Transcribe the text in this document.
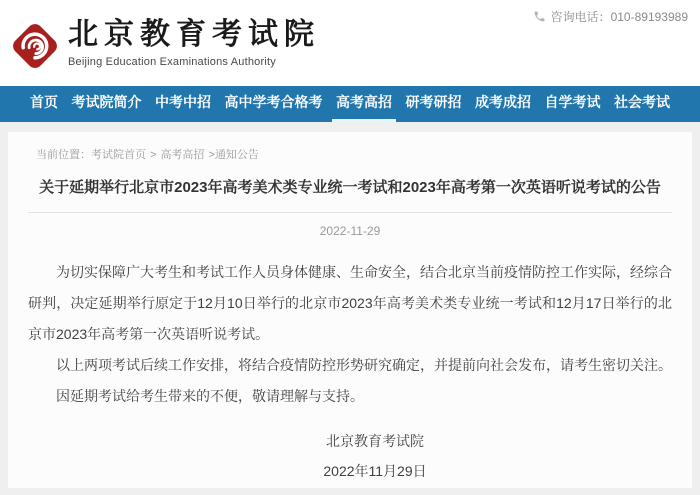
北京教育考试院
Beijing Education Examinations Authority
咨询电话：010-89193989
首页 考试院简介 中考中招 高中学考合格考 高考高招 研考研招 成考成招 自学考试 社会考试
当前位置：考试院首页 > 高考高招 >通知公告
关于延期举行北京市2023年高考美术类专业统一考试和2023年高考第一次英语听说考试的公告
2022-11-29

为切实保障广大考生和考试工作人员身体健康、生命安全，结合北京当前疫情防控工作实际，经综合研判，决定延期举行原定于12月10日举行的北京市2023年高考美术类专业统一考试和12月17日举行的北京市2023年高考第一次英语听说考试。

以上两项考试后续工作安排，将结合疫情防控形势研究确定，并提前向社会发布，请考生密切关注。

因延期考试给考生带来的不便，敬请理解与支持。

北京教育考试院
2022年11月29日
